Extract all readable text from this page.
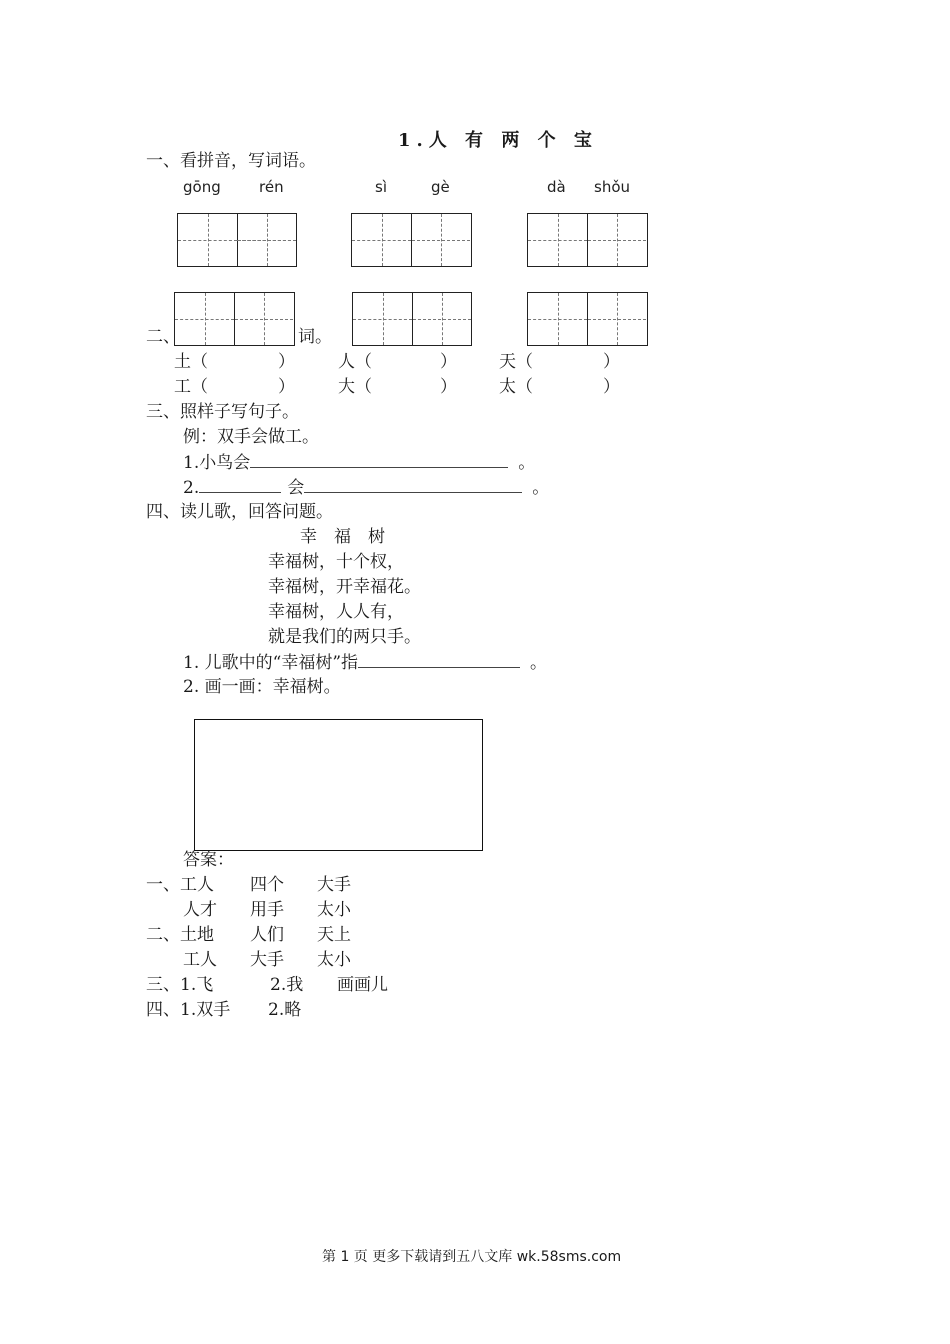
1.人 有 两 个 宝
一、看拼音，写词语。
gōng	rén	sì	gè	dà shǒu
二、	词。
土（	）	人（	） 天（	）
工（	）	大（	） 太（	）
三、照样子写句子。
例：双手会做工。
1.小鸟会	。
2.	会	。
四、读儿歌，回答问题。
幸　福　树
幸福树，十个杈，
幸福树，开幸福花。
幸福树，人人有，
就是我们的两只手。
1. 儿歌中的“幸福树”指	。
2. 画一画：幸福树。
答案：
一、工人 四个 大手
人才 用手 太小
二、土地 人们 天上
工人 大手 太小
三、1.飞	2.我 画画儿
四、1.双手 2.略
第 1 页 更多下载请到五八文库 wk.58sms.com
